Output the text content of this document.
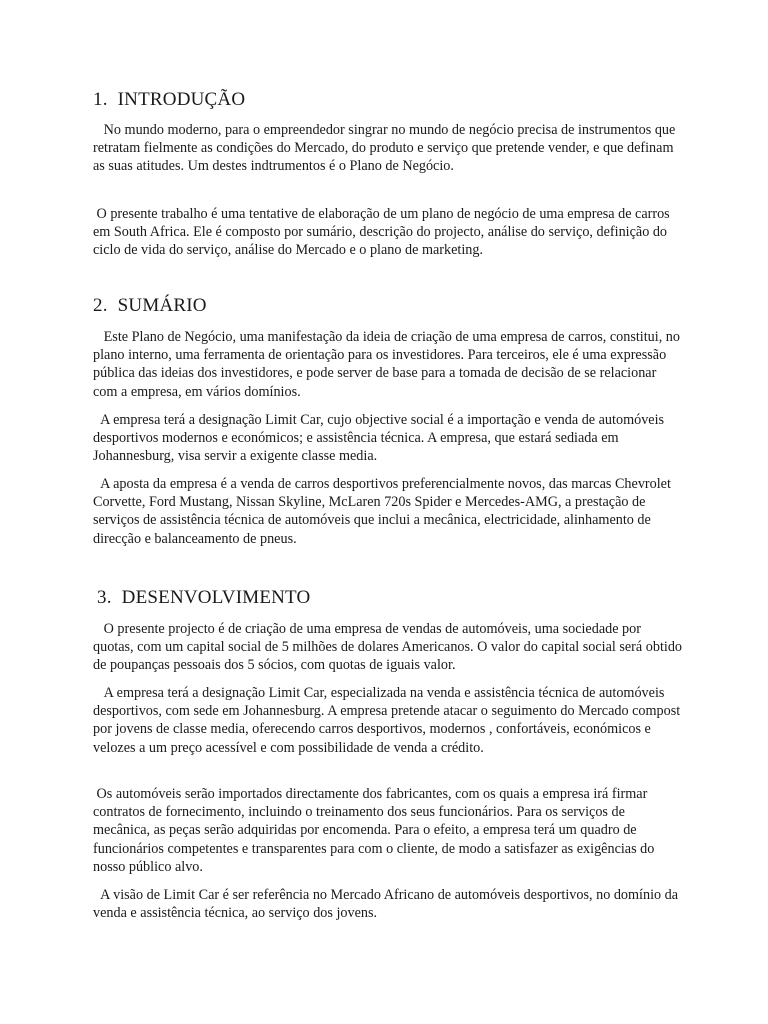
1. INTRODUÇÃO

No mundo moderno, para o empreendedor singrar no mundo de negócio precisa de instrumentos que retratam fielmente as condições do Mercado, do produto e serviço que pretende vender, e que definam as suas atitudes. Um destes indtrumentos é o Plano de Negócio.

O presente trabalho é uma tentative de elaboração de um plano de negócio de uma empresa de carros em South Africa. Ele é composto por sumário, descrição do projecto, análise do serviço, definição do ciclo de vida do serviço, análise do Mercado e o plano de marketing.

2. SUMÁRIO

Este Plano de Negócio, uma manifestação da ideia de criação de uma empresa de carros, constitui, no plano interno, uma ferramenta de orientação para os investidores. Para terceiros, ele é uma expressão pública das ideias dos investidores, e pode server de base para a tomada de decisão de se relacionar com a empresa, em vários domínios.

A empresa terá a designação Limit Car, cujo objective social é a importação e venda de automóveis desportivos modernos e económicos; e assistência técnica. A empresa, que estará sediada em Johannesburg, visa servir a exigente classe media.

A aposta da empresa é a venda de carros desportivos preferencialmente novos, das marcas Chevrolet Corvette, Ford Mustang, Nissan Skyline, McLaren 720s Spider e Mercedes-AMG, a prestação de serviços de assistência técnica de automóveis que inclui a mecânica, electricidade, alinhamento de direcção e balanceamento de pneus.

3. DESENVOLVIMENTO

O presente projecto é de criação de uma empresa de vendas de automóveis, uma sociedade por quotas, com um capital social de 5 milhões de dolares Americanos. O valor do capital social será obtido de poupanças pessoais dos 5 sócios, com quotas de iguais valor.

A empresa terá a designação Limit Car, especializada na venda e assistência técnica de automóveis desportivos, com sede em Johannesburg. A empresa pretende atacar o seguimento do Mercado compost por jovens de classe media, oferecendo carros desportivos, modernos , confortáveis, económicos e velozes a um preço acessível e com possibilidade de venda a crédito.

Os automóveis serão importados directamente dos fabricantes, com os quais a empresa irá firmar contratos de fornecimento, incluindo o treinamento dos seus funcionários. Para os serviços de mecânica, as peças serão adquiridas por encomenda. Para o efeito, a empresa terá um quadro de funcionários competentes e transparentes para com o cliente, de modo a satisfazer as exigências do nosso público alvo.

A visão de Limit Car é ser referência no Mercado Africano de automóveis desportivos, no domínio da venda e assistência técnica, ao serviço dos jovens.
